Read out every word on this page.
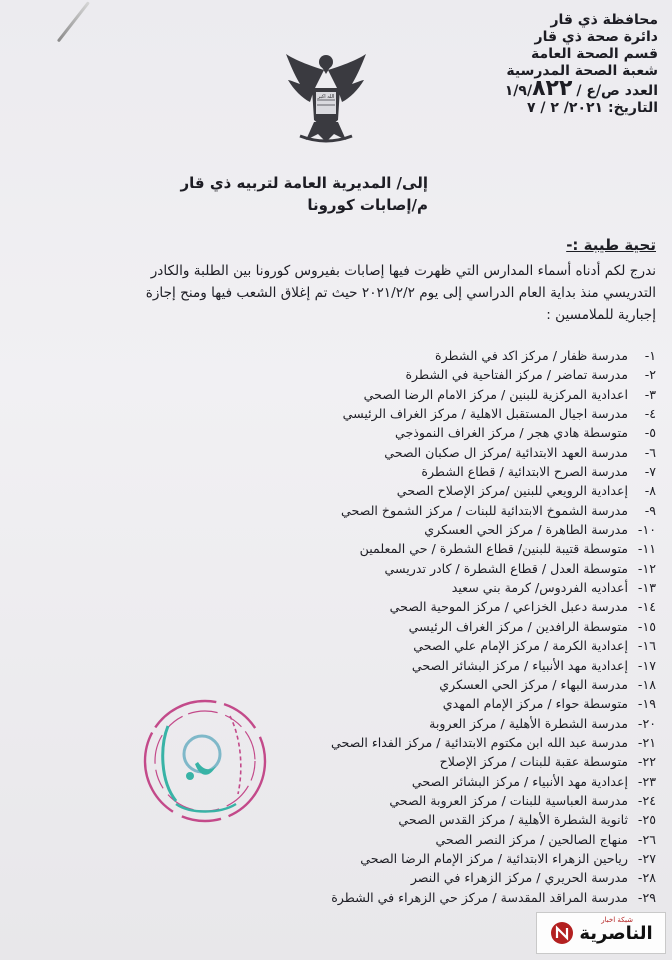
محافظة ذي قار
دائرة صحة ذي قار
قسم الصحة العامة
شعبة الصحة المدرسية
العدد ص/ع /١/٩/٨٢٢
التاريخ: ٢٠٢١/ ٢ / ٧
الله اكبر
إلى/ المديرية العامة لتربيه ذي قار
م/إصابات كورونا
تحية طيبة :-
ندرج لكم أدناه أسماء المدارس التي ظهرت فيها إصابات بفيروس كورونا بين الطلبة والكادر
التدريسي منذ بداية العام الدراسي إلى يوم ٢٠٢١/٢/٢ حيث تم إغلاق الشعب فيها ومنح إجازة
إجبارية للملامسين :
١-
مدرسة ظفار / مركز اكد في الشطرة
٢-
مدرسة تماضر / مركز الفتاحية في الشطرة
٣-
اعدادية المركزية للبنين / مركز الامام الرضا الصحي
٤-
مدرسة اجيال المستقبل الاهلية / مركز الغراف الرئيسي
٥-
متوسطة هادي هجر / مركز الغراف النموذجي
٦-
مدرسة العهد الابتدائية /مركز ال صكبان الصحي
٧-
مدرسة الصرح الابتدائية / قطاع الشطرة
٨-
إعدادية الرويعي للبنين /مركز الإصلاح الصحي
٩-
مدرسة الشموخ الابتدائية للبنات / مركز الشموخ الصحي
١٠-
مدرسة الطاهرة / مركز الحي العسكري
١١-
متوسطة قتيبة للبنين/ قطاع الشطرة / حي المعلمين
١٢-
متوسطة العدل / قطاع الشطرة / كادر تدريسي
١٣-
أعداديه الفردوس/ كرمة بني سعيد
١٤-
مدرسة دعبل الخزاعي / مركز الموحية الصحي
١٥-
متوسطة الرافدين / مركز الغراف الرئيسي
١٦-
إعدادية الكرمة / مركز الإمام علي الصحي
١٧-
إعدادية مهد الأنبياء / مركز البشائر الصحي
١٨-
مدرسة البهاء / مركز الحي العسكري
١٩-
متوسطة حواء / مركز الإمام المهدي
٢٠-
مدرسة الشطرة الأهلية / مركز العروبة
٢١-
مدرسة عبد الله ابن مكتوم الابتدائية / مركز الفداء الصحي
٢٢-
متوسطة عقبة للبنات / مركز الإصلاح
٢٣-
إعدادية مهد الأنبياء / مركز البشائر الصحي
٢٤-
مدرسة العباسية للبنات / مركز العروبة الصحي
٢٥-
ثانوية الشطرة الأهلية / مركز القدس الصحي
٢٦-
منهاج الصالحين / مركز النصر الصحي
٢٧-
رياحين الزهراء الابتدائية / مركز الإمام الرضا الصحي
٢٨-
مدرسة الحريري / مركز الزهراء في النصر
٢٩-
مدرسة المراقد المقدسة / مركز حي الزهراء في الشطرة
شبكة اخبار
الناصرية
